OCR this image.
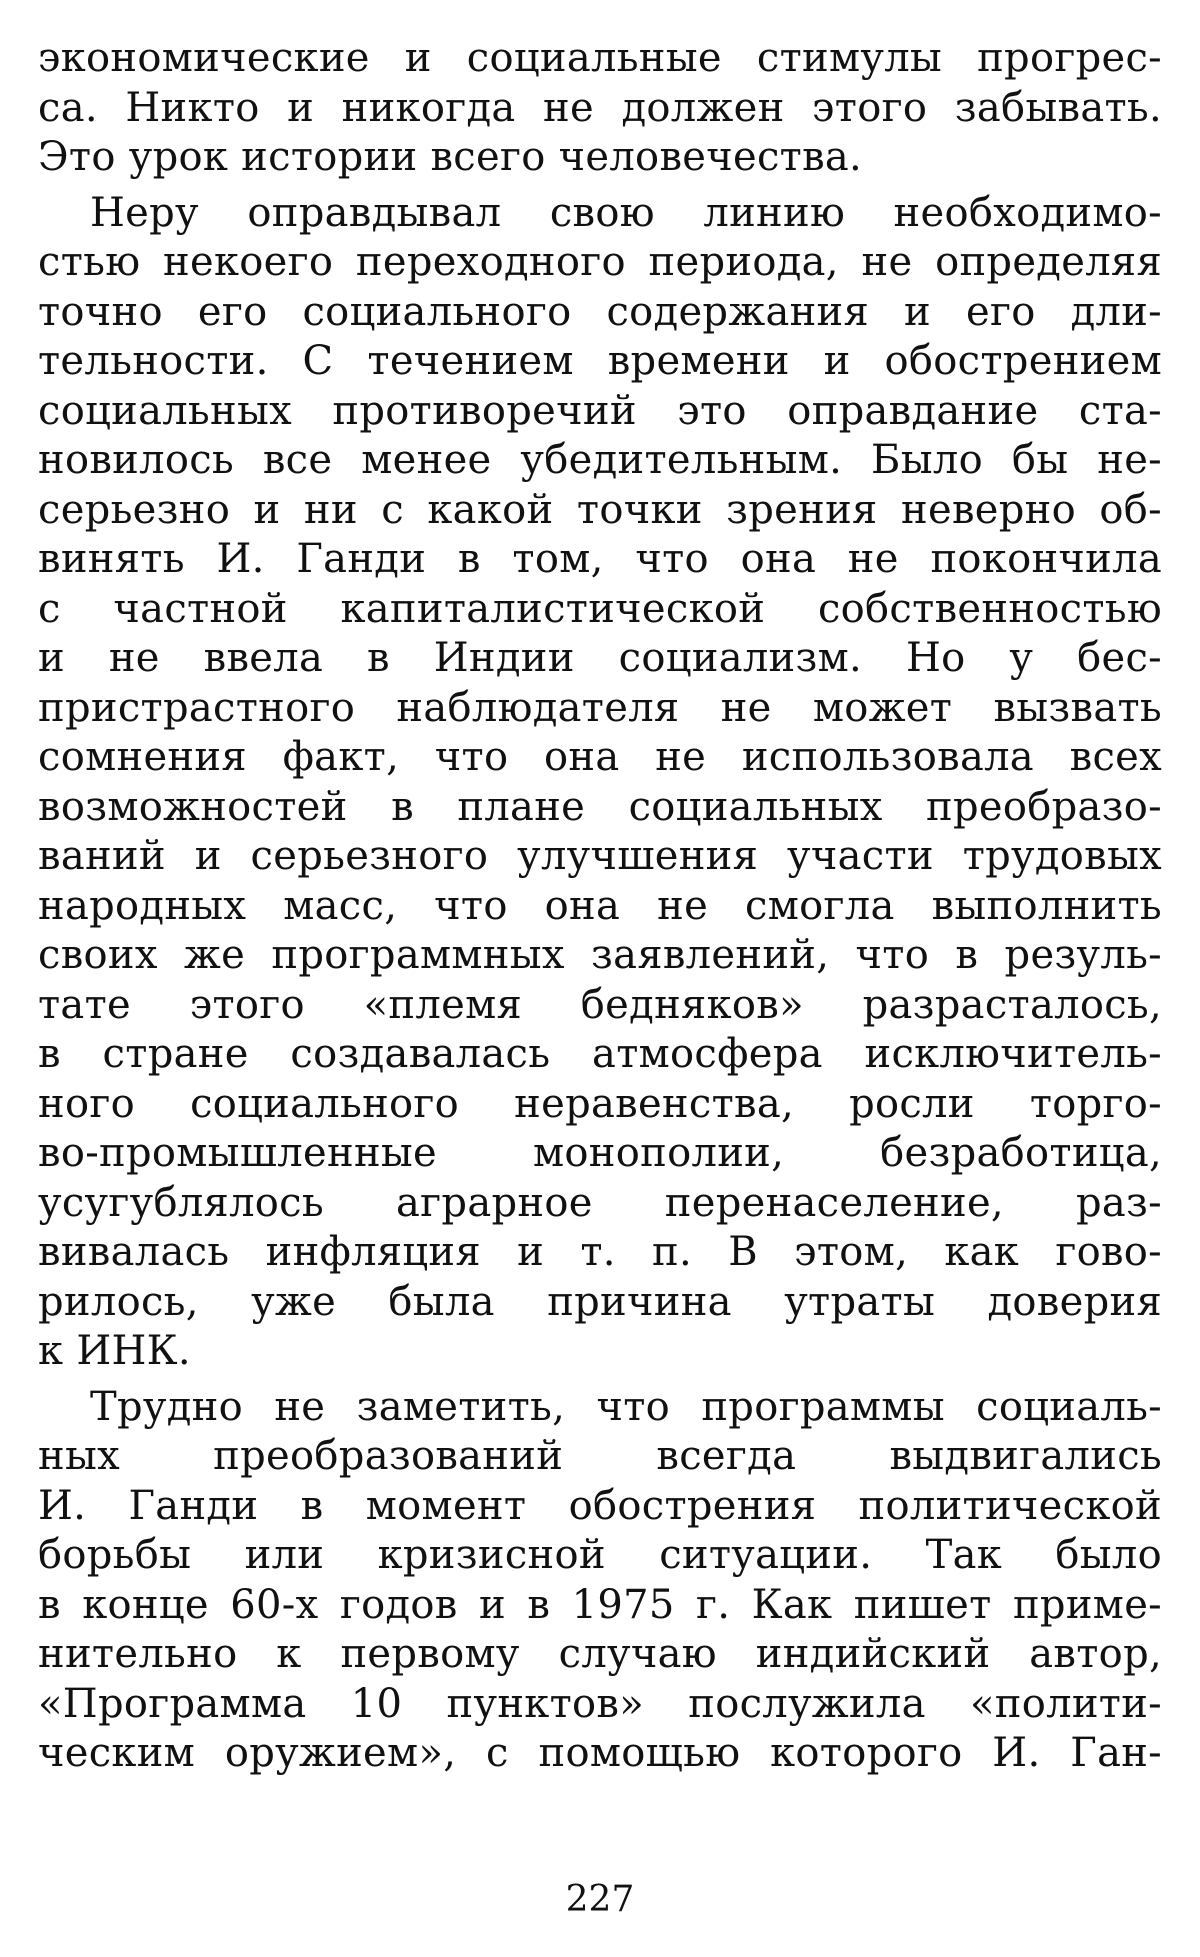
экономические и социальные стимулы прогрес-
са. Никто и никогда не должен этого забывать.
Это урок истории всего человечества.
Неру оправдывал свою линию необходимо-
стью некоего переходного периода, не определяя
точно его социального содержания и его дли-
тельности. С течением времени и обострением
социальных противоречий это оправдание ста-
новилось все менее убедительным. Было бы не-
серьезно и ни с какой точки зрения неверно об-
винять И. Ганди в том, что она не покончила
с частной капиталистической собственностью
и не ввела в Индии социализм. Но у бес-
пристрастного наблюдателя не может вызвать
сомнения факт, что она не использовала всех
возможностей в плане социальных преобразо-
ваний и серьезного улучшения участи трудовых
народных масс, что она не смогла выполнить
своих же программных заявлений, что в резуль-
тате этого «племя бедняков» разрасталось,
в стране создавалась атмосфера исключитель-
ного социального неравенства, росли торго-
во-промышленные монополии, безработица,
усугублялось аграрное перенаселение, раз-
вивалась инфляция и т. п. В этом, как гово-
рилось, уже была причина утраты доверия
к ИНК.
Трудно не заметить, что программы социаль-
ных преобразований всегда выдвигались
И. Ганди в момент обострения политической
борьбы или кризисной ситуации. Так было
в конце 60-х годов и в 1975 г. Как пишет приме-
нительно к первому случаю индийский автор,
«Программа 10 пунктов» послужила «полити-
ческим оружием», с помощью которого И. Ган-
227
